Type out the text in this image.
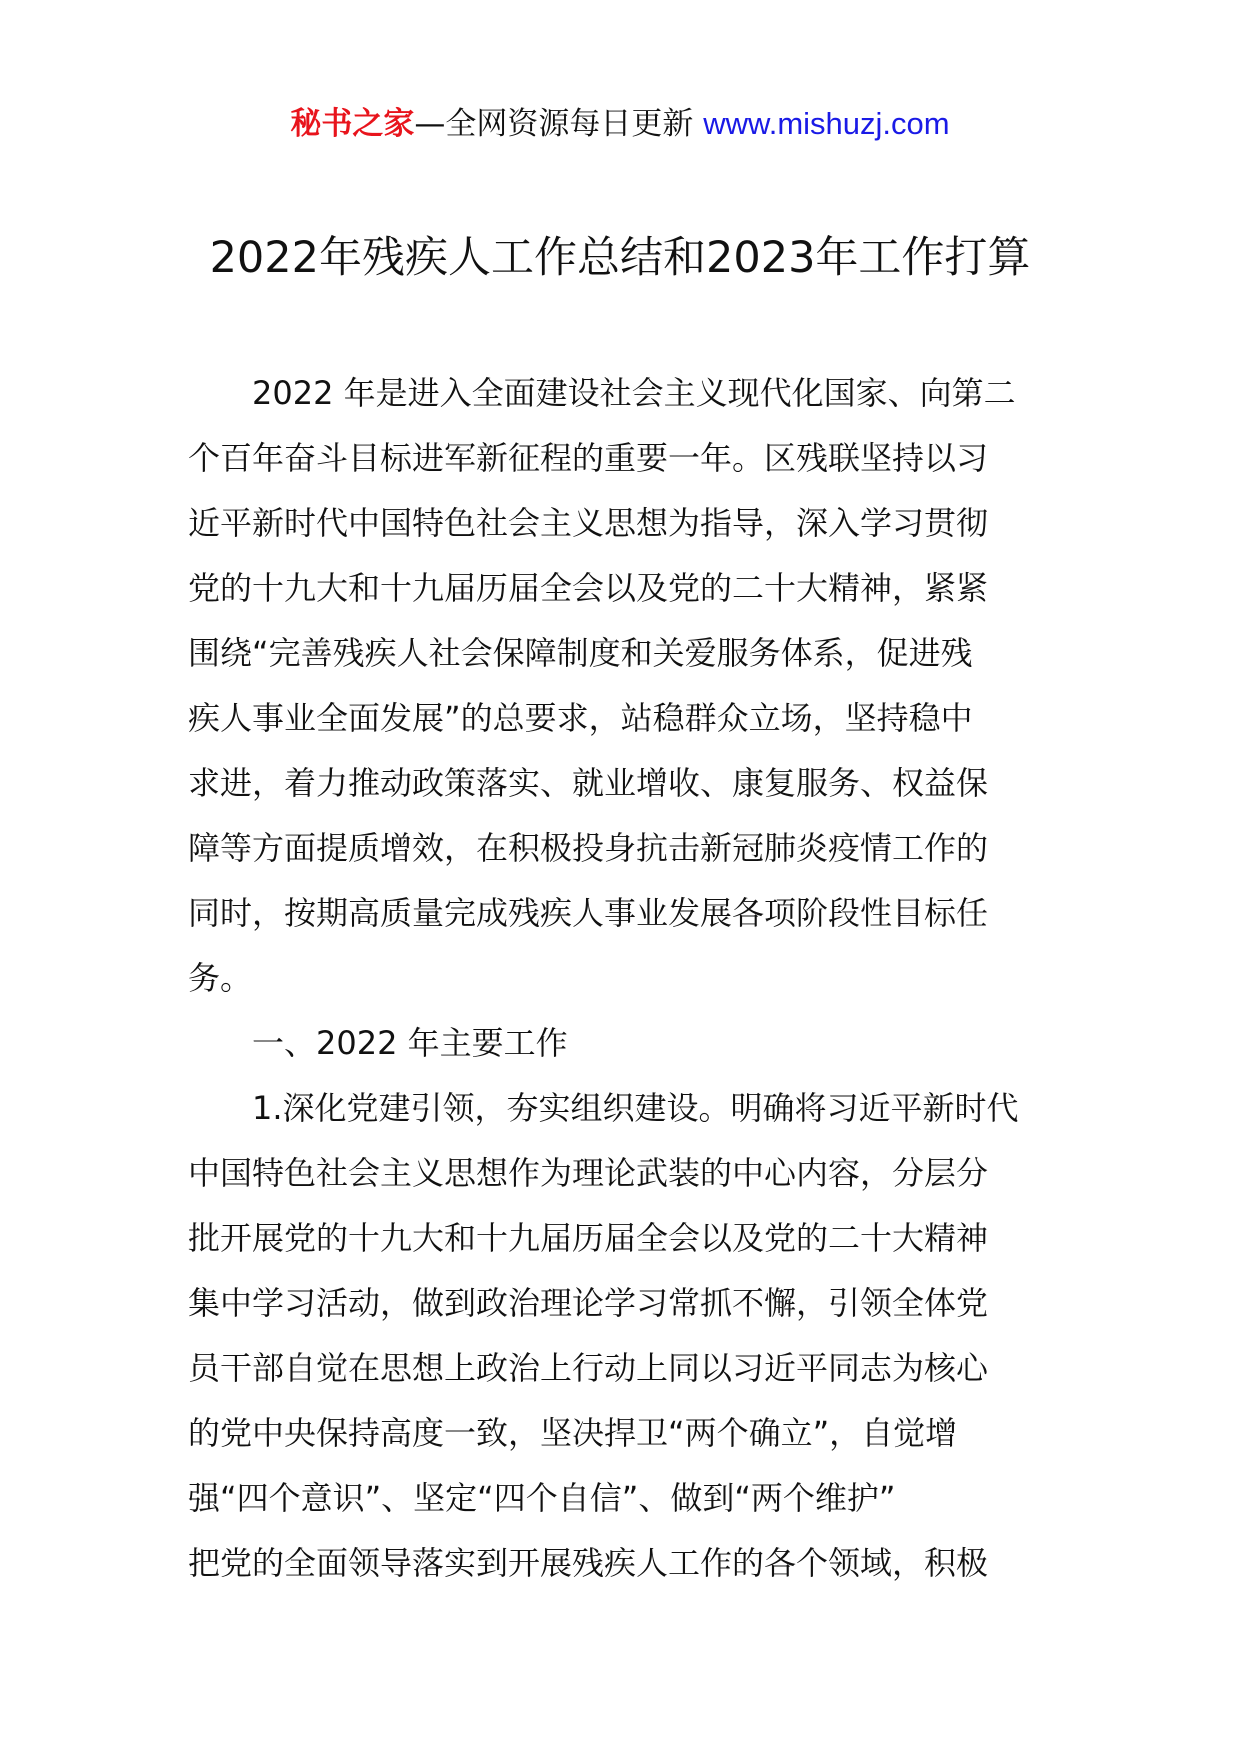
秘书之家—全网资源每日更新 www.mishuzj.com
2022年残疾人工作总结和2023年工作打算
2022 年是进入全面建设社会主义现代化国家、向第二
个百年奋斗目标进军新征程的重要一年。区残联坚持以习
近平新时代中国特色社会主义思想为指导，深入学习贯彻
党的十九大和十九届历届全会以及党的二十大精神，紧紧
围绕“完善残疾人社会保障制度和关爱服务体系，促进残
疾人事业全面发展”的总要求，站稳群众立场，坚持稳中
求进，着力推动政策落实、就业增收、康复服务、权益保
障等方面提质增效，在积极投身抗击新冠肺炎疫情工作的
同时，按期高质量完成残疾人事业发展各项阶段性目标任
务。
一、2022 年主要工作
1.深化党建引领，夯实组织建设。明确将习近平新时代
中国特色社会主义思想作为理论武装的中心内容，分层分
批开展党的十九大和十九届历届全会以及党的二十大精神
集中学习活动，做到政治理论学习常抓不懈，引领全体党
员干部自觉在思想上政治上行动上同以习近平同志为核心
的党中央保持高度一致，坚决捍卫“两个确立”，自觉增
强“四个意识”、坚定“四个自信”、做到“两个维护”
把党的全面领导落实到开展残疾人工作的各个领域，积极
